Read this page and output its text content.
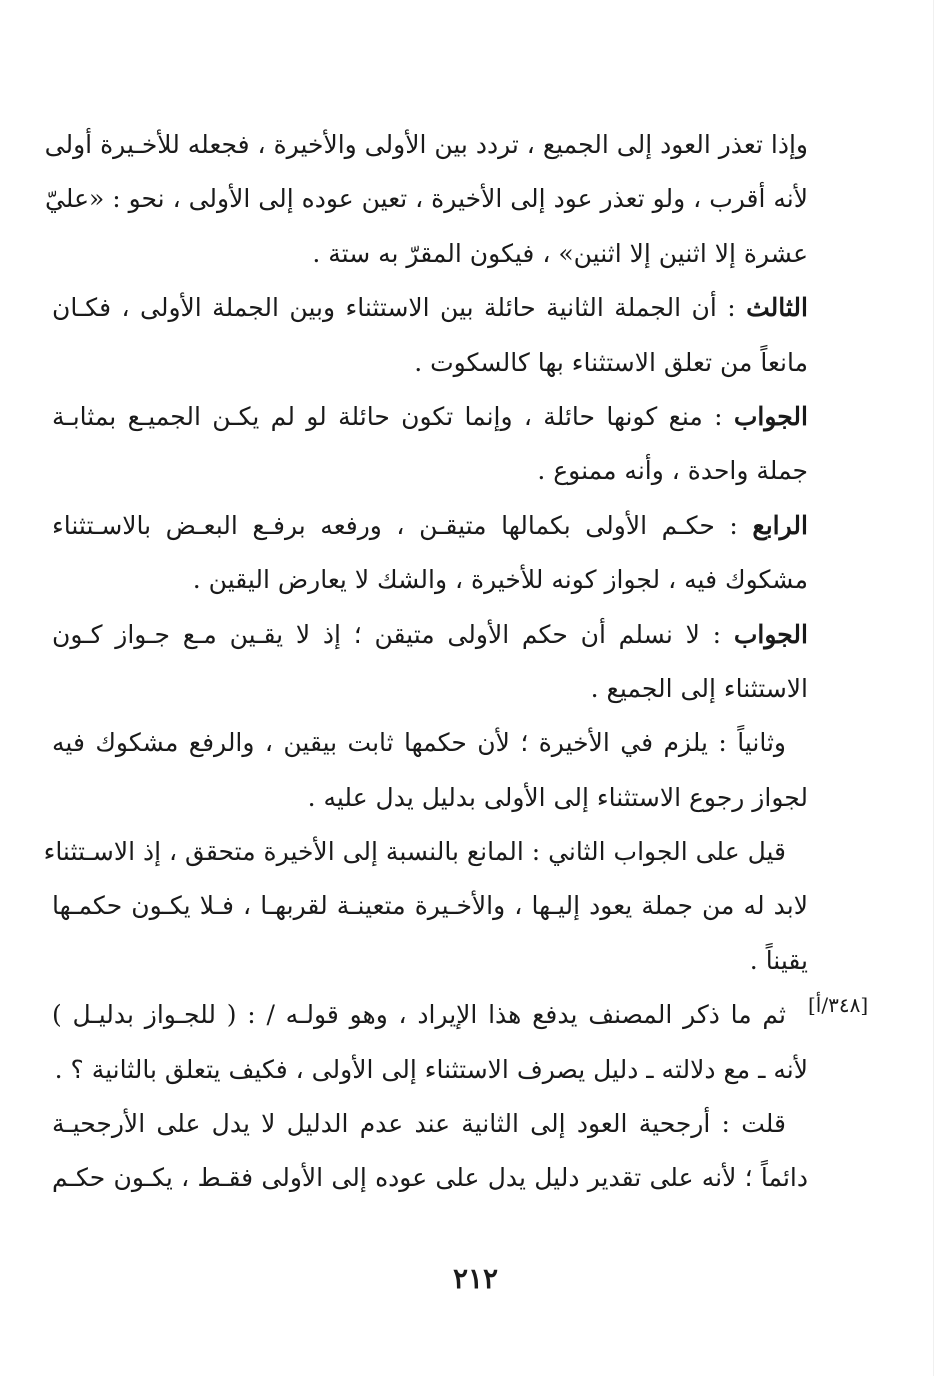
وإذا تعذر العود إلى الجميع ، تردد بين الأولى والأخيرة ، فجعله للأخـيرة أولى
لأنه أقرب ، ولو تعذر عود إلى الأخيرة ، تعين عوده إلى الأولى ، نحو : «عليّ
عشرة إلا اثنين إلا اثنين» ، فيكون المقرّ به ستة .
الثالث : أن الجملة الثانية حائلة بين الاستثناء وبين الجملة الأولى ، فكـان
مانعاً من تعلق الاستثناء بها كالسكوت .
الجواب : منع كونها حائلة ، وإنما تكون حائلة لو لم يكـن الجميـع بمثابـة
جملة واحدة ، وأنه ممنوع .
الرابع : حكـم الأولى بكمالها متيقـن ، ورفعه برفـع البعـض بالاسـتثناء
مشكوك فيه ، لجواز كونه للأخيرة ، والشك لا يعارض اليقين .
الجواب : لا نسلم أن حكم الأولى متيقن ؛ إذ لا يقـين مـع جـواز كـون
الاستثناء إلى الجميع .
وثانياً : يلزم في الأخيرة ؛ لأن حكمها ثابت بيقين ، والرفع مشكوك فيه
لجواز رجوع الاستثناء إلى الأولى بدليل يدل عليه .
قيل على الجواب الثاني : المانع بالنسبة إلى الأخيرة متحقق ، إذ الاسـتثناء
لابد له من جملة يعود إليـها ، والأخـيرة متعينـة لقربهـا ، فـلا يكـون حكمـها
يقيناً .
ثم ما ذكر المصنف يدفع هذا الإيراد ، وهو قولـه / : ( للجـواز بدليـل )
لأنه ـ مع دلالته ـ دليل يصرف الاستثناء إلى الأولى ، فكيف يتعلق بالثانية ؟ .
قلت : أرجحية العود إلى الثانية عند عدم الدليل لا يدل على الأرجحيـة
دائماً ؛ لأنه على تقدير دليل يدل على عوده إلى الأولى فقـط ، يكـون حكـم
[٣٤٨/أ]
٢١٢
